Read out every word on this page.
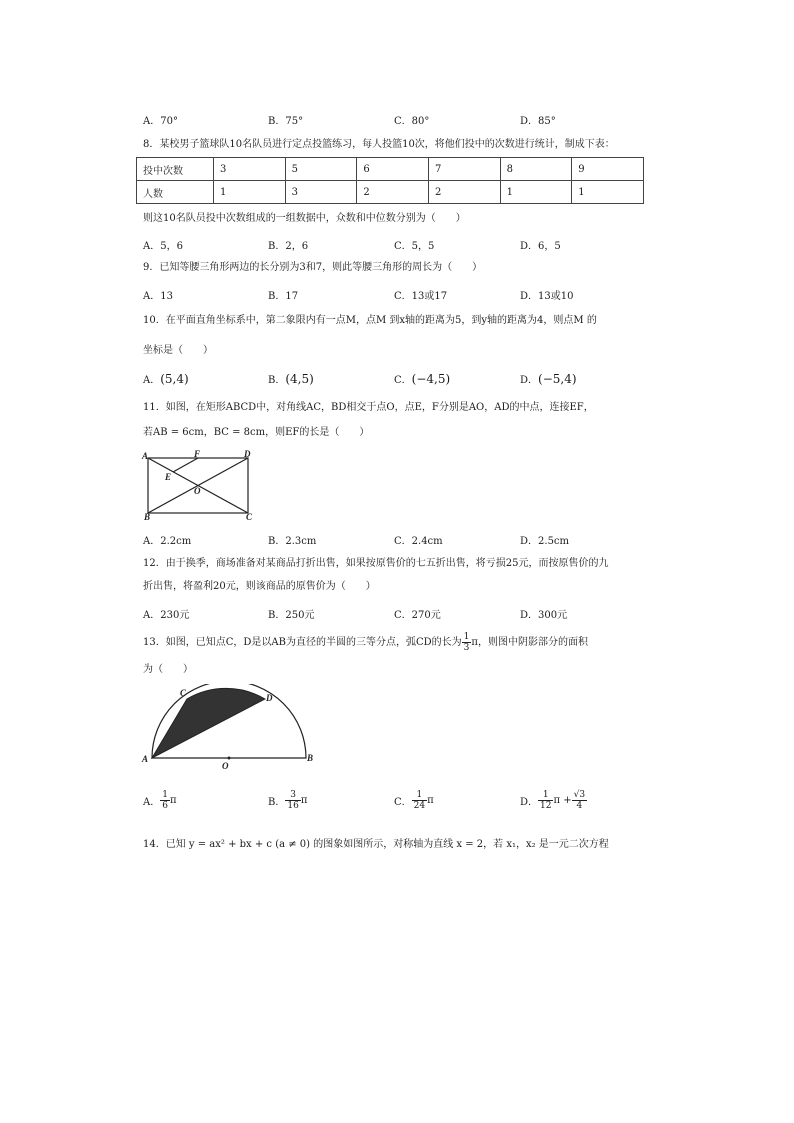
A．70°	B．75°	C．80°	D．85°
8．某校男子篮球队10名队员进行定点投篮练习，每人投篮10次，将他们投中的次数进行统计，制成下表：
投中次数	3	5	6	7	8	9
人数	1	3	2	2	1	1
则这10名队员投中次数组成的一组数据中，众数和中位数分别为（　　）
A．5，6	B．2，6	C．5，5	D．6，5
9．已知等腰三角形两边的长分别为3和7，则此等腰三角形的周长为（　　）
A．13	B．17	C．13或17	D．13或10
10．在平面直角坐标系中，第二象限内有一点M，点M 到x轴的距离为5，到y轴的距离为4，则点M 的
坐标是（　　）
A．(5,4)	B．(4,5)	C．(−4,5)	D．(−5,4)
11．如图，在矩形ABCD中，对角线AC，BD相交于点O，点E，F分别是AO，AD的中点，连接EF，
若AB = 6cm，BC = 8cm，则EF的长是（　　）
A	F	D
E
O
B	C
A．2.2cm	B．2.3cm	C．2.4cm	D．2.5cm
12．由于换季，商场准备对某商品打折出售，如果按原售价的七五折出售，将亏损25元，而按原售价的九
折出售，将盈利20元，则该商品的原售价为（　　）
A．230元	B．250元	C．270元	D．300元
13．如图，已知点C，D是以AB为直径的半圆的三等分点，弧CD的长为 $\frac{1}{3}$ π，则图中阴影部分的面积
为（　　）
A
C	D
O
B
A． $\frac{1}{6}$ π	B． $\frac{3}{16}$ π	C． $\frac{1}{24}$ π	D． $\frac{1}{12}$ $\pi + \frac{√3}{4}$
14．已知 y = ax² + bx + c (a ≠ 0) 的图象如图所示，对称轴为直线 x = 2，若 x₁，x₂ 是一元二次方程
